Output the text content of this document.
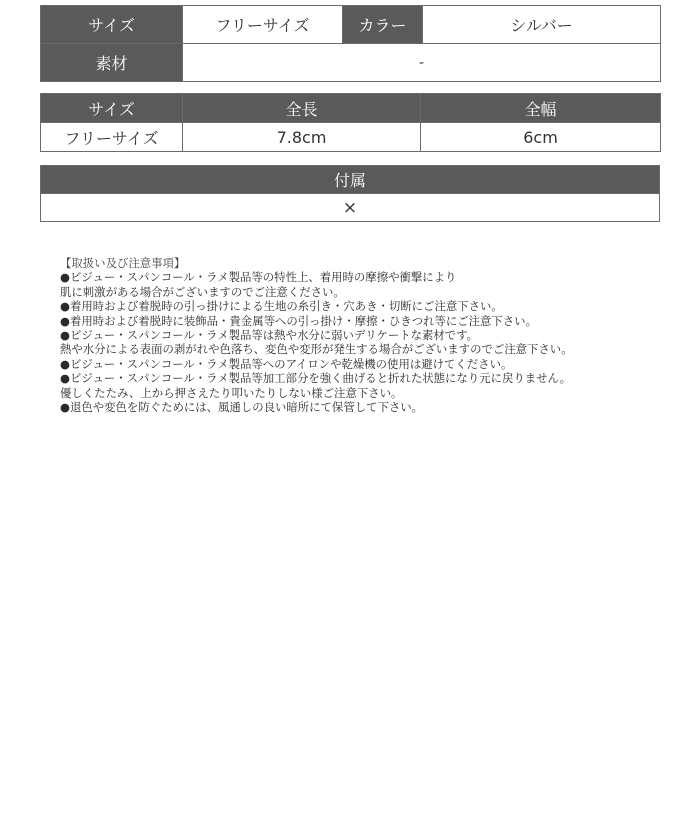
サイズ	フリーサイズ	カラー	シルバー
素材	-		
サイズ	全長	全幅
フリーサイズ	7.8cm	6cm
付属
×
【取扱い及び注意事項】
●ビジュー・スパンコール・ラメ製品等の特性上、着用時の摩擦や衝撃により
肌に刺激がある場合がございますのでご注意ください。
●着用時および着脱時の引っ掛けによる生地の糸引き・穴あき・切断にご注意下さい。
●着用時および着脱時に装飾品・貴金属等への引っ掛け・摩擦・ひきつれ等にご注意下さい。
●ビジュー・スパンコール・ラメ製品等は熱や水分に弱いデリケートな素材です。
熱や水分による表面の剥がれや色落ち、変色や変形が発生する場合がございますのでご注意下さい。
●ビジュー・スパンコール・ラメ製品等へのアイロンや乾燥機の使用は避けてください。
●ビジュー・スパンコール・ラメ製品等加工部分を強く曲げると折れた状態になり元に戻りません。
優しくたたみ、上から押さえたり叩いたりしない様ご注意下さい。
●退色や変色を防ぐためには、風通しの良い暗所にて保管して下さい。
